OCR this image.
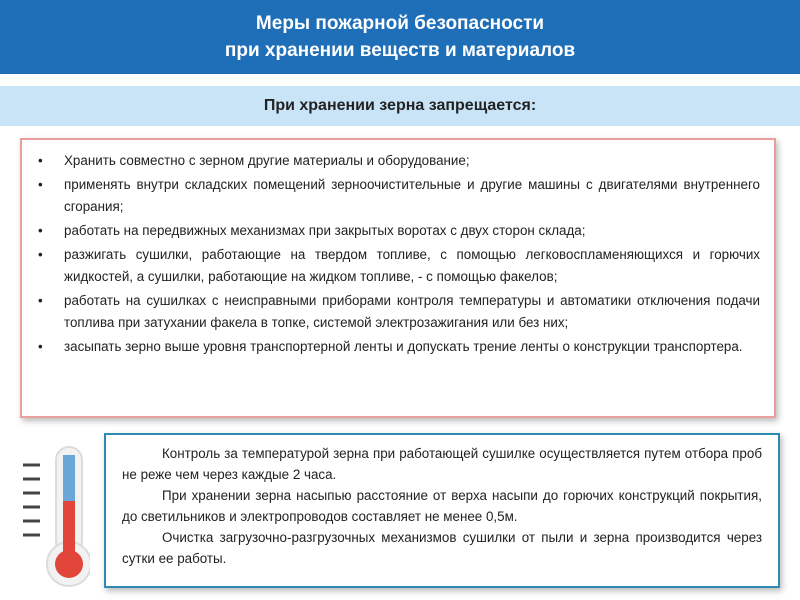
Меры пожарной безопасности
при хранении веществ и материалов
При хранении зерна запрещается:
• Хранить совместно с зерном другие материалы и оборудование;
• применять внутри складских помещений зерноочистительные и другие машины с двигателями внутреннего сгорания;
• работать на передвижных механизмах при закрытых воротах с двух сторон склада;
• разжигать сушилки, работающие на твердом топливе, с помощью легковоспламеняющихся и горючих жидкостей, а сушилки, работающие на жидком топливе, - с помощью факелов;
• работать на сушилках с неисправными приборами контроля температуры и автоматики отключения подачи топлива при затухании факела в топке, системой электрозажигания или без них;
• засыпать зерно выше уровня транспортерной ленты и допускать трение ленты о конструкции транспортера.

Контроль за температурой зерна при работающей сушилке осуществляется путем отбора проб не реже чем через каждые 2 часа.

При хранении зерна насыпью расстояние от верха насыпи до горючих конструкций покрытия, до светильников и электропроводов составляет не менее 0,5м.

Очистка загрузочно-разгрузочных механизмов сушилки от пыли и зерна производится через сутки ее работы.
